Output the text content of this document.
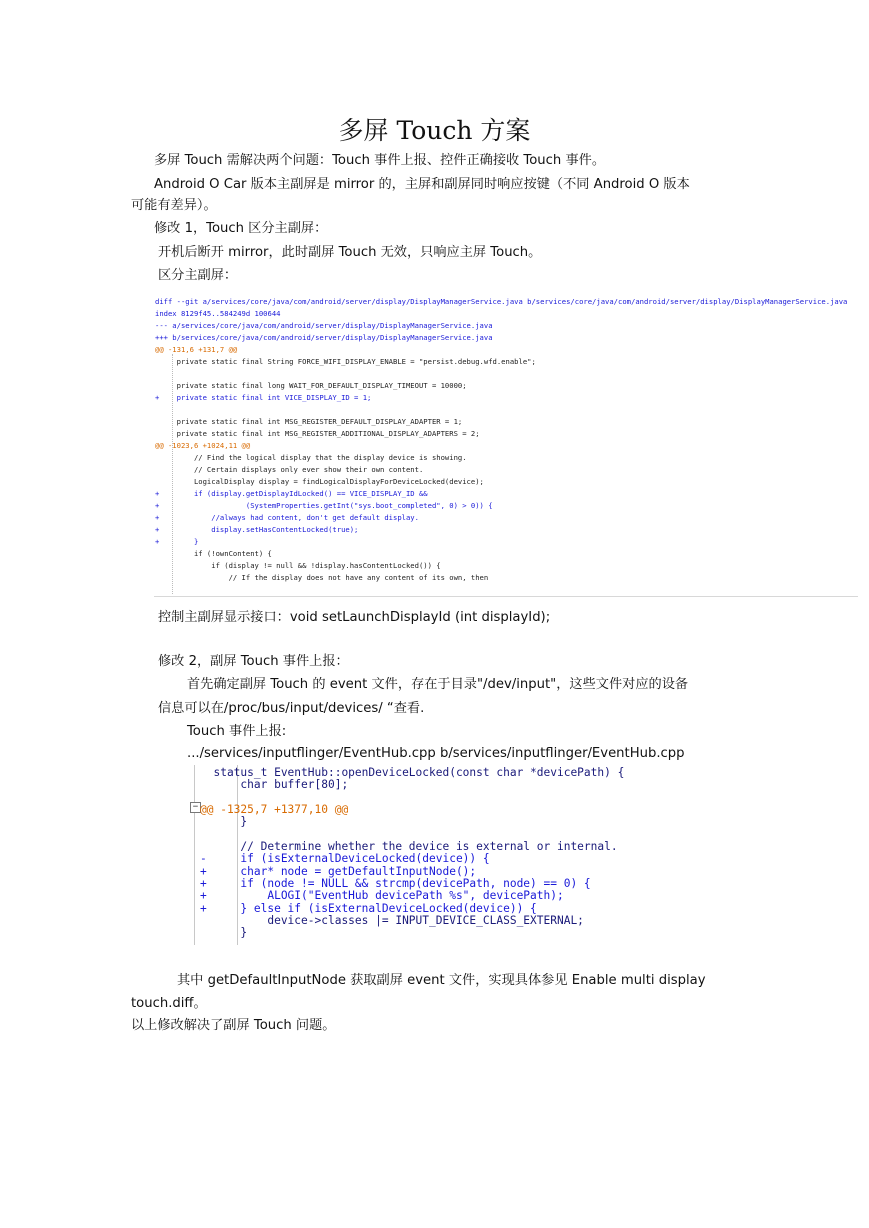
多屏 Touch 方案
多屏 Touch 需解决两个问题：Touch 事件上报、控件正确接收 Touch 事件。
Android O Car 版本主副屏是 mirror 的，主屏和副屏同时响应按键（不同 Android O 版本
可能有差异）。
修改 1，Touch 区分主副屏：
开机后断开 mirror，此时副屏 Touch 无效，只响应主屏 Touch。
区分主副屏：
diff --git a/services/core/java/com/android/server/display/DisplayManagerService.java b/services/core/java/com/android/server/display/DisplayManagerService.java
index 8129f45..584249d 100644
--- a/services/core/java/com/android/server/display/DisplayManagerService.java
+++ b/services/core/java/com/android/server/display/DisplayManagerService.java
@@ -131,6 +131,7 @@
private static final String FORCE_WIFI_DISPLAY_ENABLE = "persist.debug.wfd.enable";
private static final long WAIT_FOR_DEFAULT_DISPLAY_TIMEOUT = 10000;
+    private static final int VICE_DISPLAY_ID = 1;
private static final int MSG_REGISTER_DEFAULT_DISPLAY_ADAPTER = 1;
private static final int MSG_REGISTER_ADDITIONAL_DISPLAY_ADAPTERS = 2;
@@ -1023,6 +1024,11 @@
// Find the logical display that the display device is showing.
// Certain displays only ever show their own content.
LogicalDisplay display = findLogicalDisplayForDeviceLocked(device);
+        if (display.getDisplayIdLocked() == VICE_DISPLAY_ID &&
+                    (SystemProperties.getInt("sys.boot_completed", 0) > 0)) {
+            //always had content, don't get default display.
+            display.setHasContentLocked(true);
+        }
if (!ownContent) {
if (display != null && !display.hasContentLocked()) {
// If the display does not have any content of its own, then
控制主副屏显示接口：void setLaunchDisplayId (int displayId);
修改 2，副屏 Touch 事件上报：
首先确定副屏 Touch 的 event 文件，存在于目录"/dev/input"，这些文件对应的设备
信息可以在/proc/bus/input/devices/ “查看.
Touch 事件上报:
.../services/inputflinger/EventHub.cpp b/services/inputflinger/EventHub.cpp
−
status_t EventHub::openDeviceLocked(const char *devicePath) {
char buffer[80];
@@ -1325,7 +1377,10 @@
}
// Determine whether the device is external or internal.
-     if (isExternalDeviceLocked(device)) {
+     char* node = getDefaultInputNode();
+     if (node != NULL && strcmp(devicePath, node) == 0) {
+         ALOGI("EventHub devicePath %s", devicePath);
+     } else if (isExternalDeviceLocked(device)) {
device->classes |= INPUT_DEVICE_CLASS_EXTERNAL;
}
其中 getDefaultInputNode 获取副屏 event 文件，实现具体参见 Enable multi display
touch.diff。
以上修改解决了副屏 Touch 问题。
